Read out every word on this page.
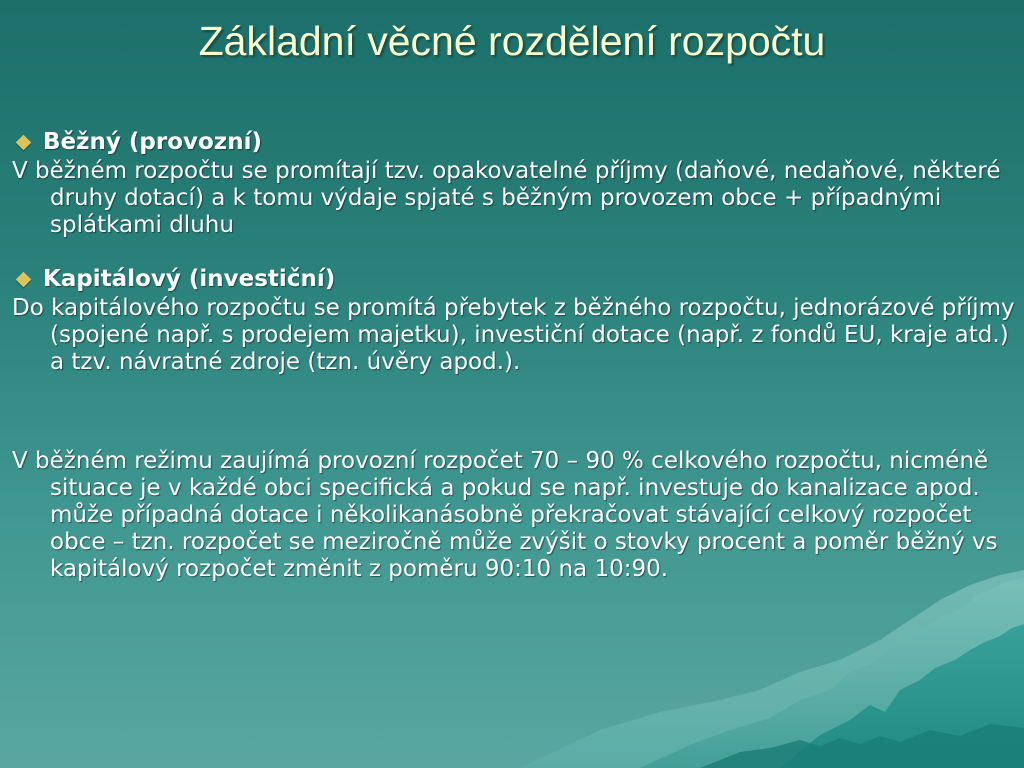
Základní věcné rozdělení rozpočtu
Běžný (provozní)

V běžném rozpočtu se promítají tzv. opakovatelné příjmy (daňové, nedaňové, některé druhy dotací) a k tomu výdaje spjaté s běžným provozem obce + případnými splátkami dluhu

Kapitálový (investiční)

Do kapitálového rozpočtu se promítá přebytek z běžného rozpočtu, jednorázové příjmy (spojené např. s prodejem majetku), investiční dotace (např. z fondů EU, kraje atd.) a tzv. návratné zdroje (tzn. úvěry apod.).

V běžném režimu zaujímá provozní rozpočet 70 – 90 % celkového rozpočtu, nicméně situace je v každé obci specifická a pokud se např. investuje do kanalizace apod. může případná dotace i několikanásobně překračovat stávající celkový rozpočet obce – tzn. rozpočet se meziročně může zvýšit o stovky procent a poměr běžný vs kapitálový rozpočet změnit z poměru 90:10 na 10:90.
